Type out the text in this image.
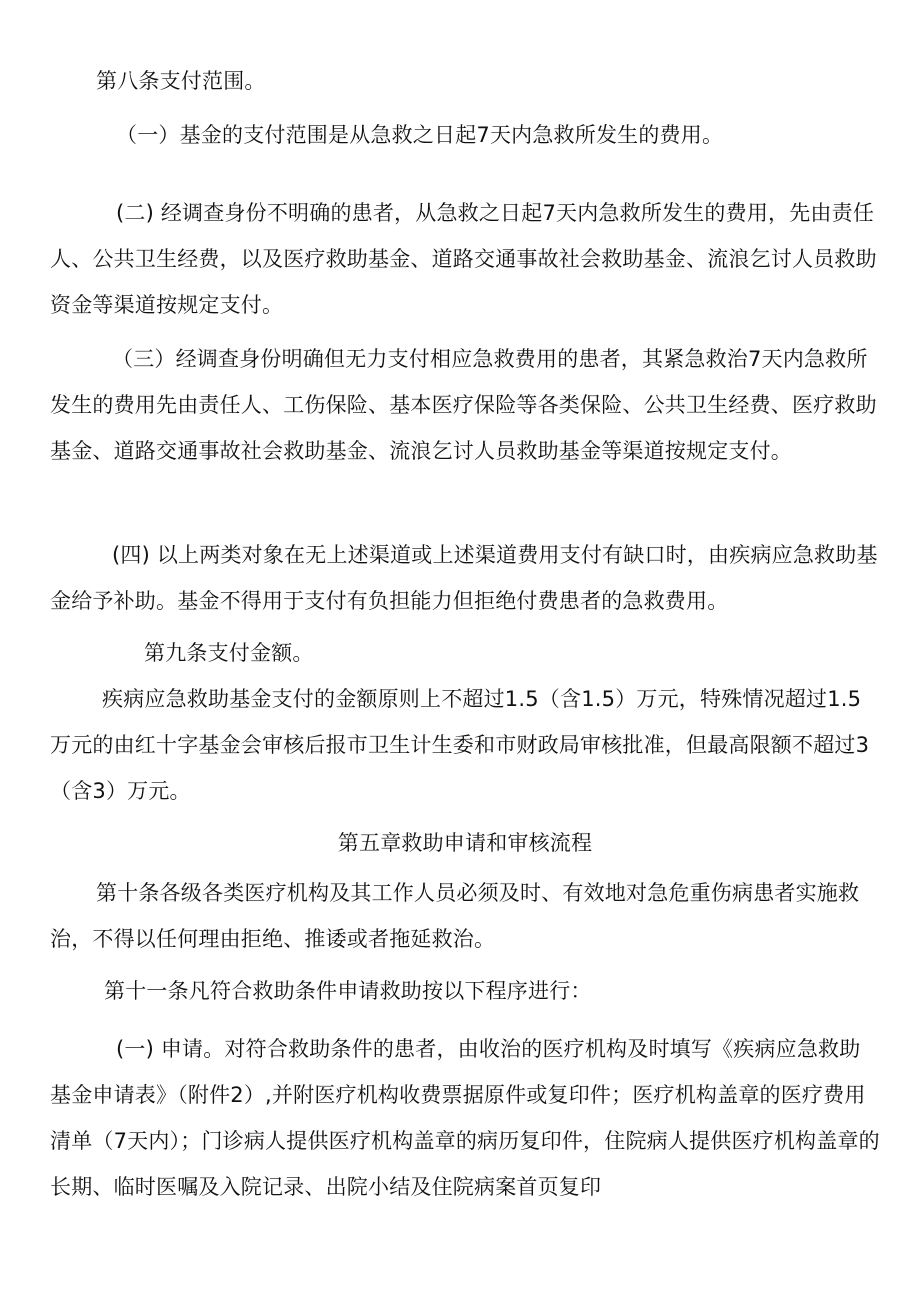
第八条支付范围。

（一）基金的支付范围是从急救之日起7天内急救所发生的费用。

(二) 经调查身份不明确的患者，从急救之日起7天内急救所发生的费用，先由责任人、公共卫生经费，以及医疗救助基金、道路交通事故社会救助基金、流浪乞讨人员救助资金等渠道按规定支付。

（三）经调查身份明确但无力支付相应急救费用的患者，其紧急救治7天内急救所发生的费用先由责任人、工伤保险、基本医疗保险等各类保险、公共卫生经费、医疗救助基金、道路交通事故社会救助基金、流浪乞讨人员救助基金等渠道按规定支付。

(四) 以上两类对象在无上述渠道或上述渠道费用支付有缺口时，由疾病应急救助基金给予补助。基金不得用于支付有负担能力但拒绝付费患者的急救费用。

第九条支付金额。

疾病应急救助基金支付的金额原则上不超过1.5（含1.5）万元，特殊情况超过1.5万元的由红十字基金会审核后报市卫生计生委和市财政局审核批准，但最高限额不超过3（含3）万元。

第五章救助申请和审核流程

第十条各级各类医疗机构及其工作人员必须及时、有效地对急危重伤病患者实施救治，不得以任何理由拒绝、推诿或者拖延救治。

第十一条凡符合救助条件申请救助按以下程序进行：

(一) 申请。对符合救助条件的患者，由收治的医疗机构及时填写《疾病应急救助基金申请表》（附件2）,并附医疗机构收费票据原件或复印件；医疗机构盖章的医疗费用清单（7天内）；门诊病人提供医疗机构盖章的病历复印件，住院病人提供医疗机构盖章的长期、临时医嘱及入院记录、出院小结及住院病案首页复印
